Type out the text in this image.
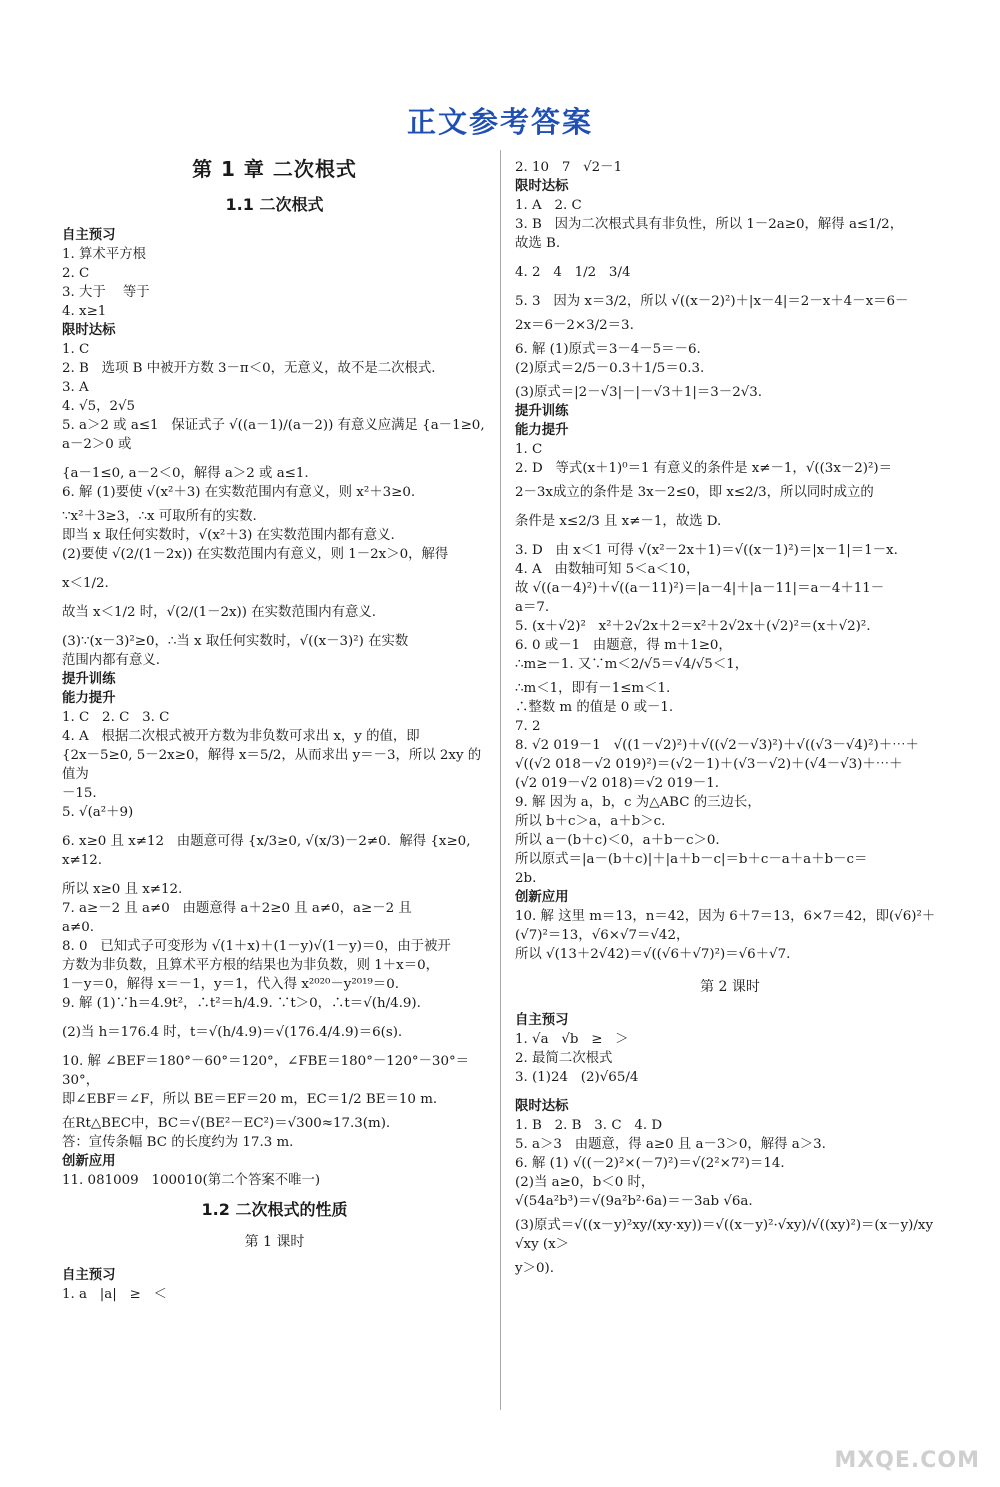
正文参考答案
第 1 章 二次根式
1.1 二次根式
自主预习
1. 算术平方根
2. C
3. 大于    等于
4. x≥1
限时达标
1. C
2. B   选项 B 中被开方数 3－π＜0，无意义，故不是二次根式.
3. A
4. √5，2√5
5. a＞2 或 a≤1   保证式子 √((a－1)/(a－2)) 有意义应满足 {a－1≥0, a－2＞0 或
{a－1≤0, a－2＜0，解得 a＞2 或 a≤1.
6. 解 (1)要使 √(x²＋3) 在实数范围内有意义，则 x²＋3≥0.
∵x²＋3≥3，∴x 可取所有的实数.
即当 x 取任何实数时，√(x²＋3) 在实数范围内都有意义.
(2)要使 √(2/(1－2x)) 在实数范围内有意义，则 1－2x＞0，解得
x＜1/2.
故当 x＜1/2 时，√(2/(1－2x)) 在实数范围内有意义.
(3)∵(x－3)²≥0，∴当 x 取任何实数时，√((x－3)²) 在实数
范围内都有意义.
提升训练
能力提升
1. C   2. C   3. C
4. A   根据二次根式被开方数为非负数可求出 x，y 的值，即
{2x－5≥0, 5－2x≥0，解得 x＝5/2，从而求出 y＝－3，所以 2xy 的值为
－15.
5. √(a²＋9)
6. x≥0 且 x≠12   由题意可得 {x/3≥0, √(x/3)－2≠0.  解得 {x≥0, x≠12.
所以 x≥0 且 x≠12.
7. a≥－2 且 a≠0   由题意得 a＋2≥0 且 a≠0，a≥－2 且
a≠0.
8. 0   已知式子可变形为 √(1＋x)＋(1－y)√(1－y)＝0，由于被开
方数为非负数，且算术平方根的结果也为非负数，则 1＋x＝0，
1－y＝0，解得 x＝－1，y＝1，代入得 x²⁰²⁰－y²⁰¹⁹＝0.
9. 解 (1)∵h＝4.9t²，∴t²＝h/4.9. ∵t＞0，∴t＝√(h/4.9).
(2)当 h＝176.4 时，t＝√(h/4.9)＝√(176.4/4.9)＝6(s).
10. 解 ∠BEF＝180°－60°＝120°，∠FBE＝180°－120°－30°＝30°，
即∠EBF＝∠F，所以 BE＝EF＝20 m，EC＝1/2 BE＝10 m.
在Rt△BEC中，BC＝√(BE²－EC²)＝√300≈17.3(m).
答：宣传条幅 BC 的长度约为 17.3 m.
创新应用
11. 081009   100010(第二个答案不唯一)
1.2 二次根式的性质
第 1 课时
自主预习
1. a   |a|   ≥   ＜
2. 10   7   √2－1
限时达标
1. A   2. C
3. B   因为二次根式具有非负性，所以 1－2a≥0，解得 a≤1/2，
故选 B.
4. 2   4   1/2   3/4
5. 3   因为 x＝3/2，所以 √((x－2)²)＋|x－4|＝2－x＋4－x＝6－
2x＝6－2×3/2＝3.
6. 解 (1)原式＝3－4－5＝－6.
(2)原式＝2/5－0.3＋1/5＝0.3.
(3)原式＝|2－√3|－|－√3＋1|＝3－2√3.
提升训练
能力提升
1. C
2. D   等式(x＋1)⁰＝1 有意义的条件是 x≠－1，√((3x－2)²)＝
2－3x成立的条件是 3x－2≤0，即 x≤2/3，所以同时成立的
条件是 x≤2/3 且 x≠－1，故选 D.
3. D   由 x＜1 可得 √(x²－2x＋1)＝√((x－1)²)＝|x－1|＝1－x.
4. A   由数轴可知 5＜a＜10，
故 √((a－4)²)＋√((a－11)²)＝|a－4|＋|a－11|＝a－4＋11－
a＝7.
5. (x＋√2)²   x²＋2√2x＋2＝x²＋2√2x＋(√2)²＝(x＋√2)².
6. 0 或－1   由题意，得 m＋1≥0，
∴m≥－1. 又∵m＜2/√5＝√4/√5＜1，
∴m＜1，即有－1≤m＜1.
∴整数 m 的值是 0 或－1.
7. 2
8. √2 019－1   √((1－√2)²)＋√((√2－√3)²)＋√((√3－√4)²)＋⋯＋
√((√2 018－√2 019)²)＝(√2－1)＋(√3－√2)＋(√4－√3)＋⋯＋
(√2 019－√2 018)＝√2 019－1.
9. 解 因为 a，b，c 为△ABC 的三边长，
所以 b＋c＞a，a＋b＞c.
所以 a－(b＋c)＜0，a＋b－c＞0.
所以原式＝|a－(b＋c)|＋|a＋b－c|＝b＋c－a＋a＋b－c＝
2b.
创新应用
10. 解 这里 m＝13，n＝42，因为 6＋7＝13，6×7＝42，即(√6)²＋
(√7)²＝13，√6×√7＝√42，
所以 √(13＋2√42)＝√((√6＋√7)²)＝√6＋√7.
第 2 课时
自主预习
1. √a   √b   ≥   ＞
2. 最简二次根式
3. (1)24   (2)√65/4
限时达标
1. B   2. B   3. C   4. D
5. a＞3   由题意，得 a≥0 且 a－3＞0，解得 a＞3.
6. 解 (1) √((－2)²×(－7)²)＝√(2²×7²)＝14.
(2)当 a≥0，b＜0 时，
√(54a²b³)＝√(9a²b²·6a)＝－3ab √6a.
(3)原式＝√((x－y)²xy/(xy·xy))＝√((x－y)²·√xy)/√((xy)²)＝(x－y)/xy √xy (x＞
y＞0).
MXQE.COM
